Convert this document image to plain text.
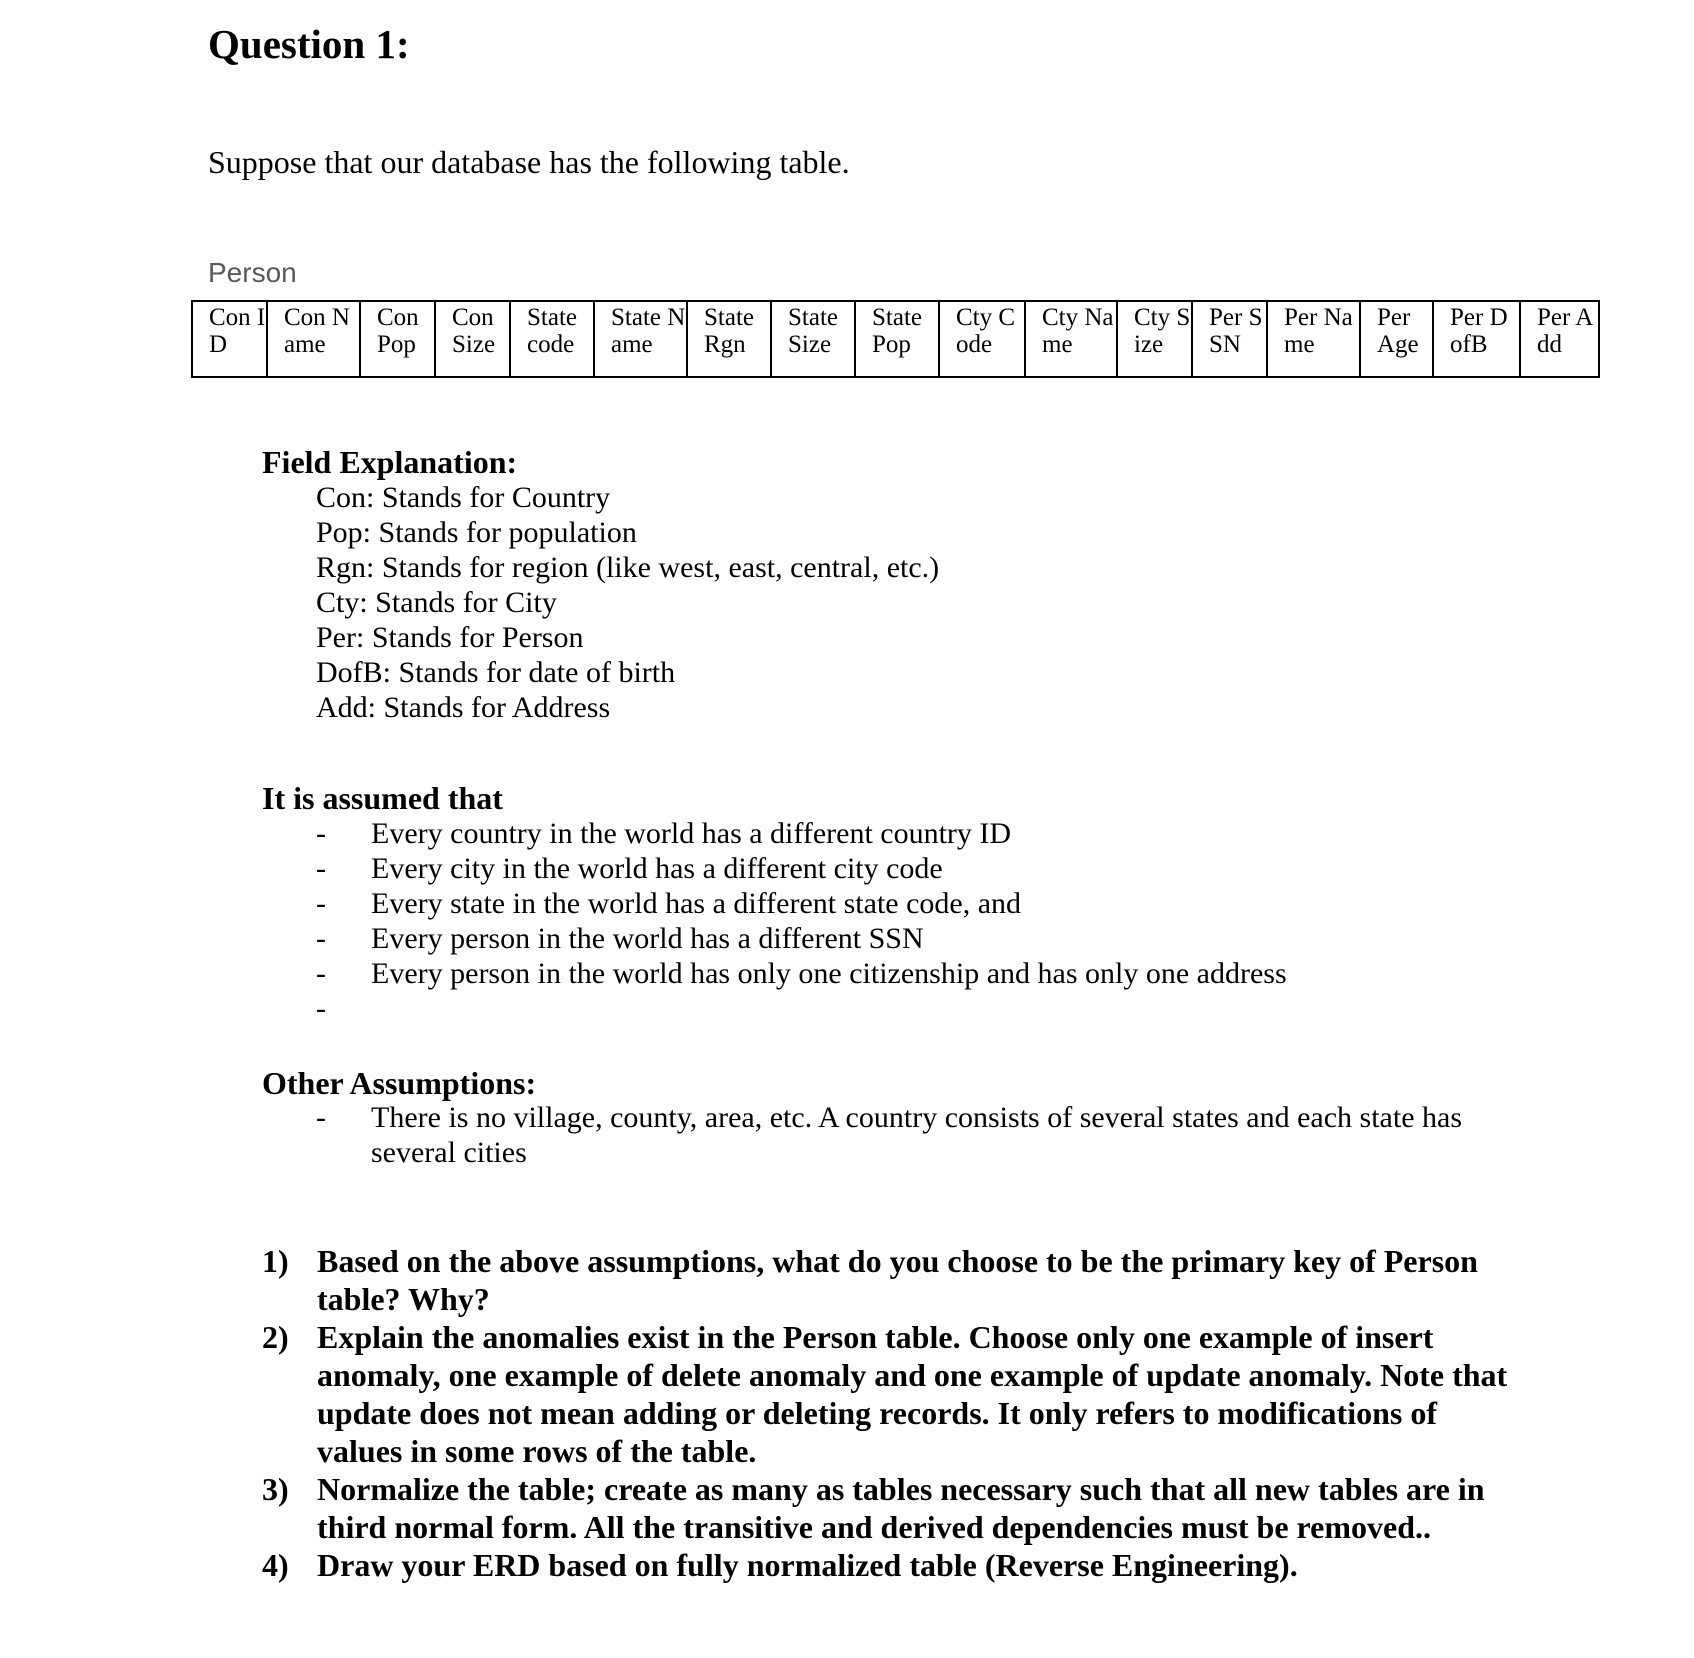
Question 1:
Suppose that our database has the following table.
Person
Con ID	Con Name	Con Pop	Con Size	State code	State Name	State Rgn	State Size	State Pop	Cty Code	Cty Name	Cty Size	Per SSN	Per Name	Per Age	Per DofB	Per Add
Field Explanation:
Con: Stands for Country
Pop: Stands for population
Rgn: Stands for region (like west, east, central, etc.)
Cty: Stands for City
Per: Stands for Person
DofB: Stands for date of birth
Add: Stands for Address
It is assumed that
- Every country in the world has a different country ID
- Every city in the world has a different city code
- Every state in the world has a different state code, and
- Every person in the world has a different SSN
- Every person in the world has only one citizenship and has only one address
-
Other Assumptions:
- There is no village, county, area, etc. A country consists of several states and each state has several cities
1) Based on the above assumptions, what do you choose to be the primary key of Person table? Why?
2) Explain the anomalies exist in the Person table. Choose only one example of insert anomaly, one example of delete anomaly and one example of update anomaly. Note that update does not mean adding or deleting records. It only refers to modifications of values in some rows of the table.
3) Normalize the table; create as many as tables necessary such that all new tables are in third normal form. All the transitive and derived dependencies must be removed..
4) Draw your ERD based on fully normalized table (Reverse Engineering).
